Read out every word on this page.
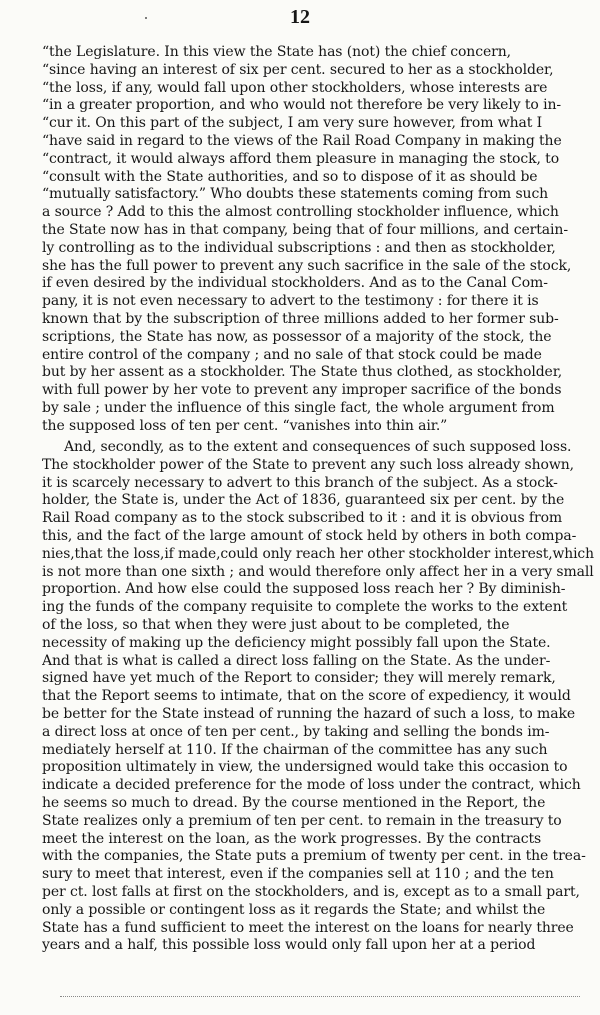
12
“the Legislature. In this view the State has (not) the chief concern,
“since having an interest of six per cent. secured to her as a stockholder,
“the loss, if any, would fall upon other stockholders, whose interests are
“in a greater proportion, and who would not therefore be very likely to in-
“cur it. On this part of the subject, I am very sure however, from what I
“have said in regard to the views of the Rail Road Company in making the
“contract, it would always afford them pleasure in managing the stock, to
“consult with the State authorities, and so to dispose of it as should be
“mutually satisfactory.” Who doubts these statements coming from such
a source ? Add to this the almost controlling stockholder influence, which
the State now has in that company, being that of four millions, and certain-
ly controlling as to the individual subscriptions : and then as stockholder,
she has the full power to prevent any such sacrifice in the sale of the stock,
if even desired by the individual stockholders. And as to the Canal Com-
pany, it is not even necessary to advert to the testimony : for there it is
known that by the subscription of three millions added to her former sub-
scriptions, the State has now, as possessor of a majority of the stock, the
entire control of the company ; and no sale of that stock could be made
but by her assent as a stockholder. The State thus clothed, as stockholder,
with full power by her vote to prevent any improper sacrifice of the bonds
by sale ; under the influence of this single fact, the whole argument from
the supposed loss of ten per cent. “vanishes into thin air.”
And, secondly, as to the extent and consequences of such supposed loss.
The stockholder power of the State to prevent any such loss already shown,
it is scarcely necessary to advert to this branch of the subject. As a stock-
holder, the State is, under the Act of 1836, guaranteed six per cent. by the
Rail Road company as to the stock subscribed to it : and it is obvious from
this, and the fact of the large amount of stock held by others in both compa-
nies,that the loss,if made,could only reach her other stockholder interest,which
is not more than one sixth ; and would therefore only affect her in a very small
proportion. And how else could the supposed loss reach her ? By diminish-
ing the funds of the company requisite to complete the works to the extent
of the loss, so that when they were just about to be completed, the
necessity of making up the deficiency might possibly fall upon the State.
And that is what is called a direct loss falling on the State. As the under-
signed have yet much of the Report to consider; they will merely remark,
that the Report seems to intimate, that on the score of expediency, it would
be better for the State instead of running the hazard of such a loss, to make
a direct loss at once of ten per cent., by taking and selling the bonds im-
mediately herself at 110. If the chairman of the committee has any such
proposition ultimately in view, the undersigned would take this occasion to
indicate a decided preference for the mode of loss under the contract, which
he seems so much to dread. By the course mentioned in the Report, the
State realizes only a premium of ten per cent. to remain in the treasury to
meet the interest on the loan, as the work progresses. By the contracts
with the companies, the State puts a premium of twenty per cent. in the trea-
sury to meet that interest, even if the companies sell at 110 ; and the ten
per ct. lost falls at first on the stockholders, and is, except as to a small part,
only a possible or contingent loss as it regards the State; and whilst the
State has a fund sufficient to meet the interest on the loans for nearly three
years and a half, this possible loss would only fall upon her at a period
